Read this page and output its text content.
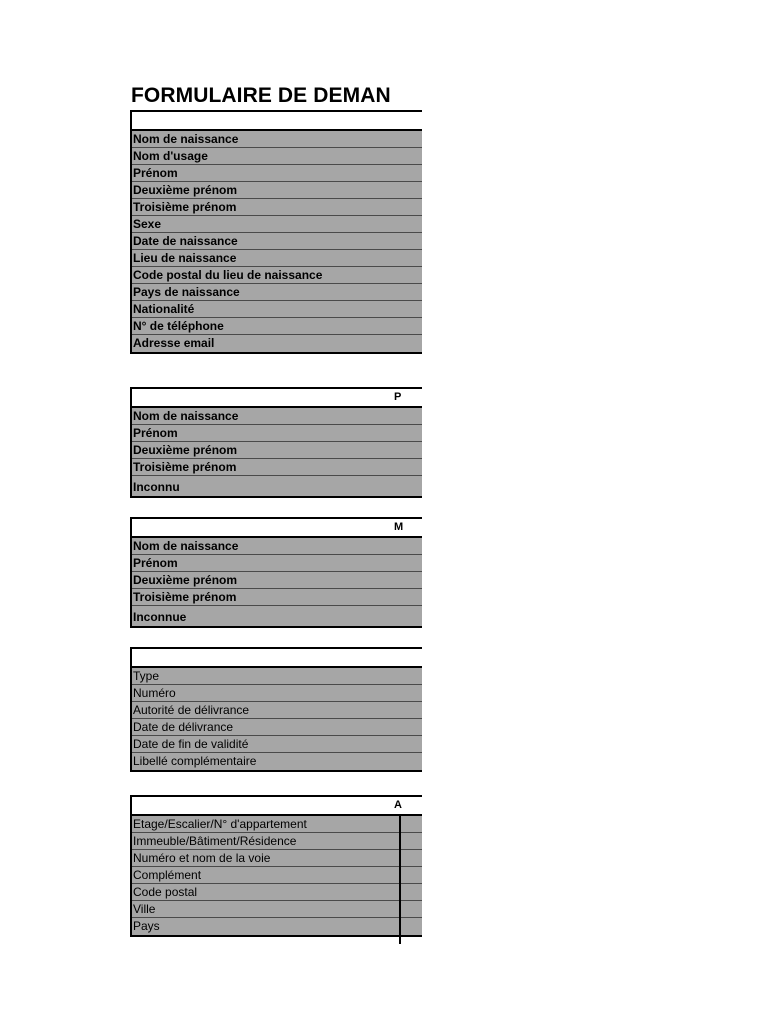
FORMULAIRE DE DEMAN
Nom de naissance
Nom d'usage
Prénom
Deuxième prénom
Troisième prénom
Sexe
Date de naissance
Lieu de naissance
Code postal du lieu de naissance
Pays de naissance
Nationalité
N° de téléphone
Adresse email
P
Nom de naissance
Prénom
Deuxième prénom
Troisième prénom
Inconnu
M
Nom de naissance
Prénom
Deuxième prénom
Troisième prénom
Inconnue
Type
Numéro
Autorité de délivrance
Date de délivrance
Date de fin de validité
Libellé complémentaire
A
Etage/Escalier/N° d'appartement
Immeuble/Bâtiment/Résidence
Numéro et nom de la voie
Complément
Code postal
Ville
Pays
